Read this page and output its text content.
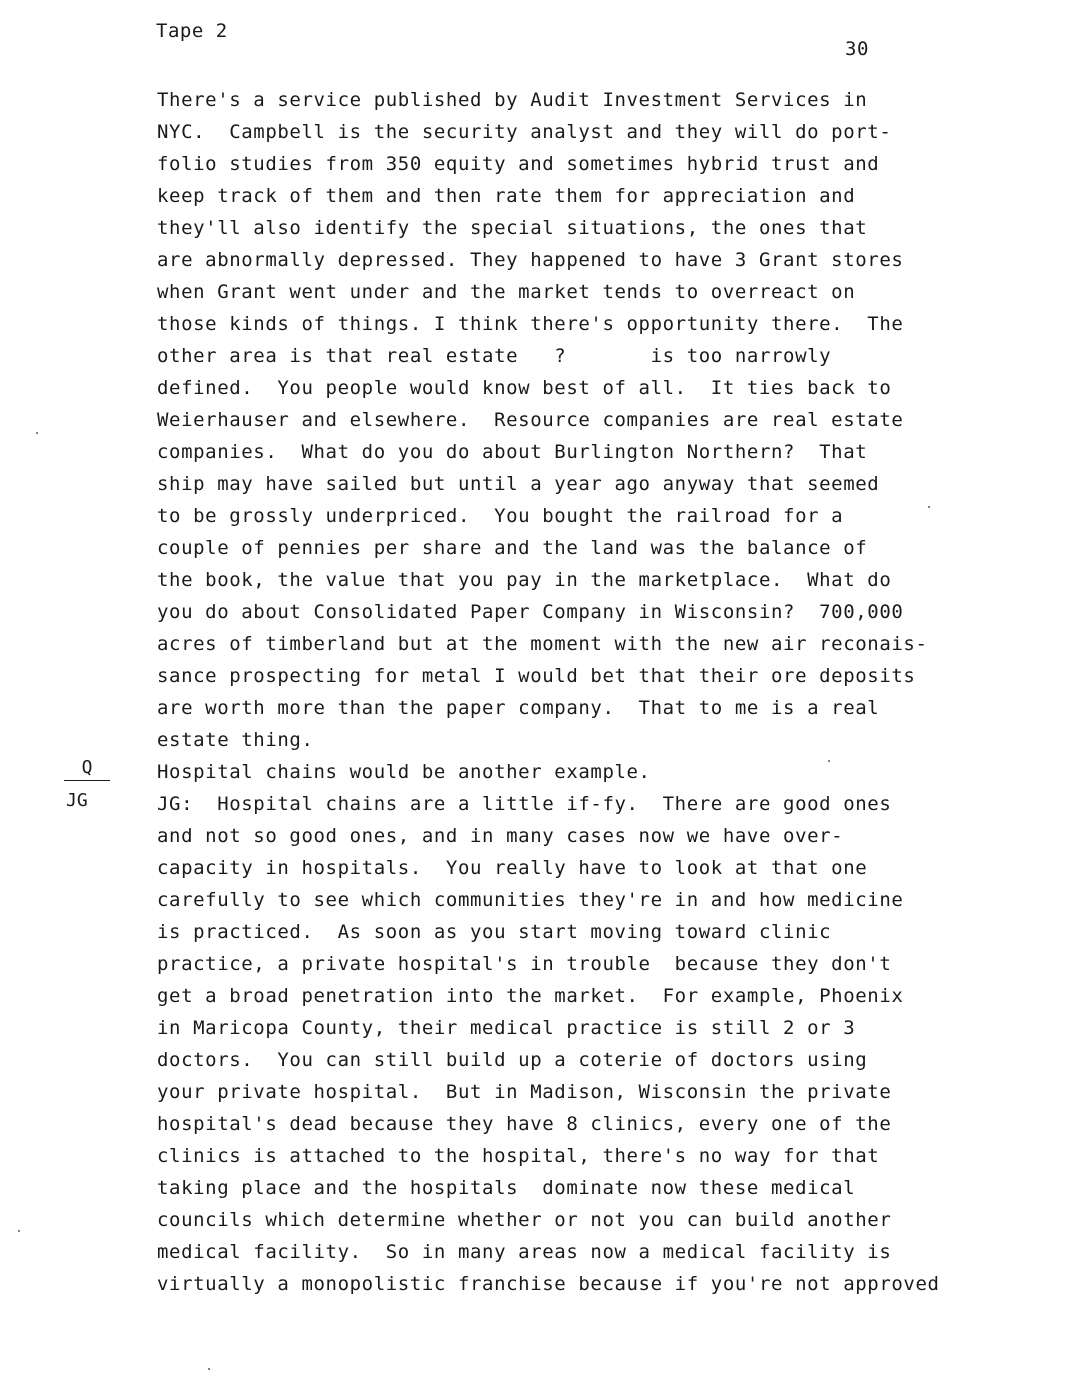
Tape 2
30
Q
JG
There's a service published by Audit Investment Services in
NYC.  Campbell is the security analyst and they will do port-
folio studies from 350 equity and sometimes hybrid trust and
keep track of them and then rate them for appreciation and
they'll also identify the special situations, the ones that
are abnormally depressed. They happened to have 3 Grant stores
when Grant went under and the market tends to overreact on
those kinds of things. I think there's opportunity there.  The
other area is that real estate   ?       is too narrowly
defined.  You people would know best of all.  It ties back to
Weierhauser and elsewhere.  Resource companies are real estate
companies.  What do you do about Burlington Northern?  That
ship may have sailed but until a year ago anyway that seemed
to be grossly underpriced.  You bought the railroad for a
couple of pennies per share and the land was the balance of
the book, the value that you pay in the marketplace.  What do
you do about Consolidated Paper Company in Wisconsin?  700,000
acres of timberland but at the moment with the new air reconais-
sance prospecting for metal I would bet that their ore deposits
are worth more than the paper company.  That to me is a real
estate thing.
Hospital chains would be another example.
JG:  Hospital chains are a little if-fy.  There are good ones
and not so good ones, and in many cases now we have over-
capacity in hospitals.  You really have to look at that one
carefully to see which communities they're in and how medicine
is practiced.  As soon as you start moving toward clinic
practice, a private hospital's in trouble  because they don't
get a broad penetration into the market.  For example, Phoenix
in Maricopa County, their medical practice is still 2 or 3
doctors.  You can still build up a coterie of doctors using
your private hospital.  But in Madison, Wisconsin the private
hospital's dead because they have 8 clinics, every one of the
clinics is attached to the hospital, there's no way for that
taking place and the hospitals  dominate now these medical
councils which determine whether or not you can build another
medical facility.  So in many areas now a medical facility is
virtually a monopolistic franchise because if you're not approved
